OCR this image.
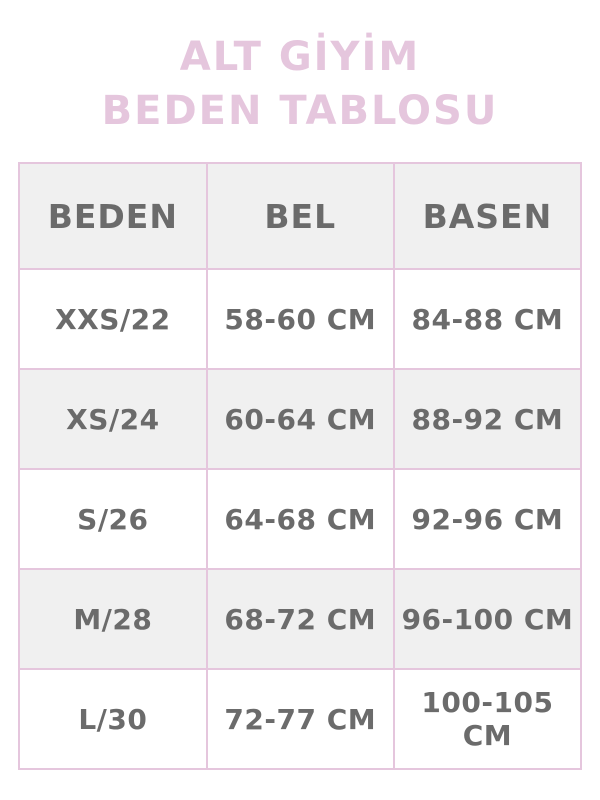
ALT GİYİM
BEDEN TABLOSU
BEDEN	BEL	BASEN
XXS/22	58-60 CM	84-88 CM
XS/24	60-64 CM	88-92 CM
S/26	64-68 CM	92-96 CM
M/28	68-72 CM	96-100 CM
L/30	72-77 CM	100-105 CM
